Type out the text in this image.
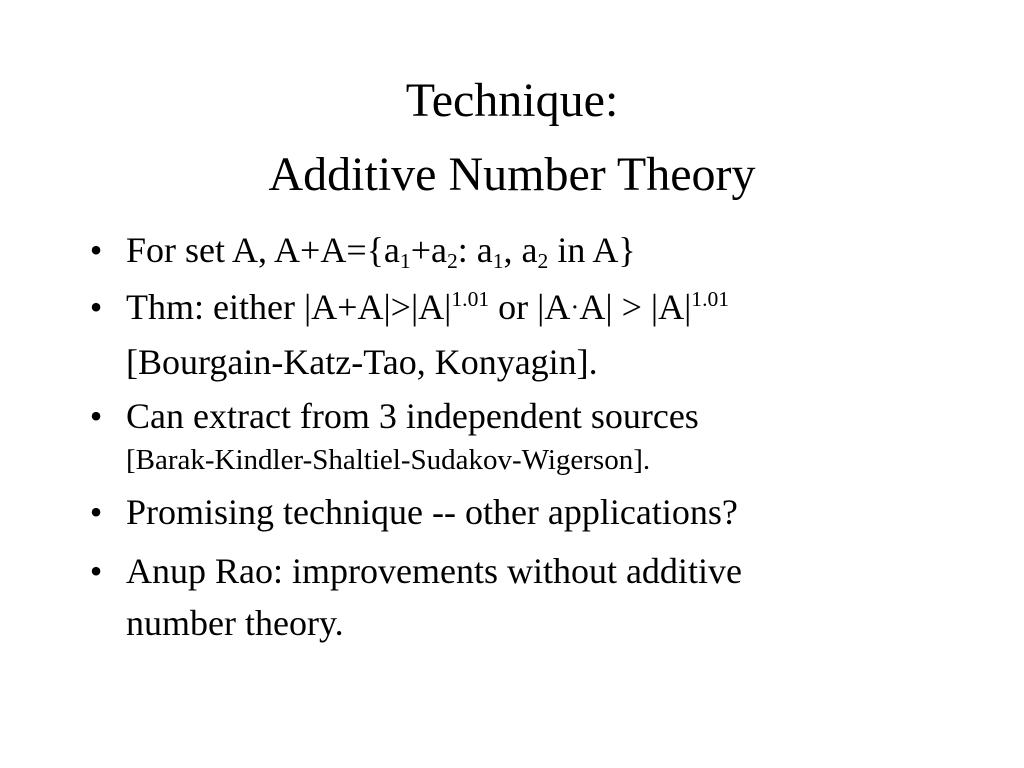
Technique:
Additive Number Theory
• For set A, $A+A=\{a_1+a_2$: $a_1$, $a_2$ in A}
• Thm: either $|A+A|>|A|^{1.01}$ or $|A\cdot A| > |A|^{1.01}$
[Bourgain-Katz-Tao, Konyagin].
• Can extract from 3 independent sources
[Barak-Kindler-Shaltiel-Sudakov-Wigerson].
• Promising technique -- other applications?
• Anup Rao: improvements without additive
number theory.
